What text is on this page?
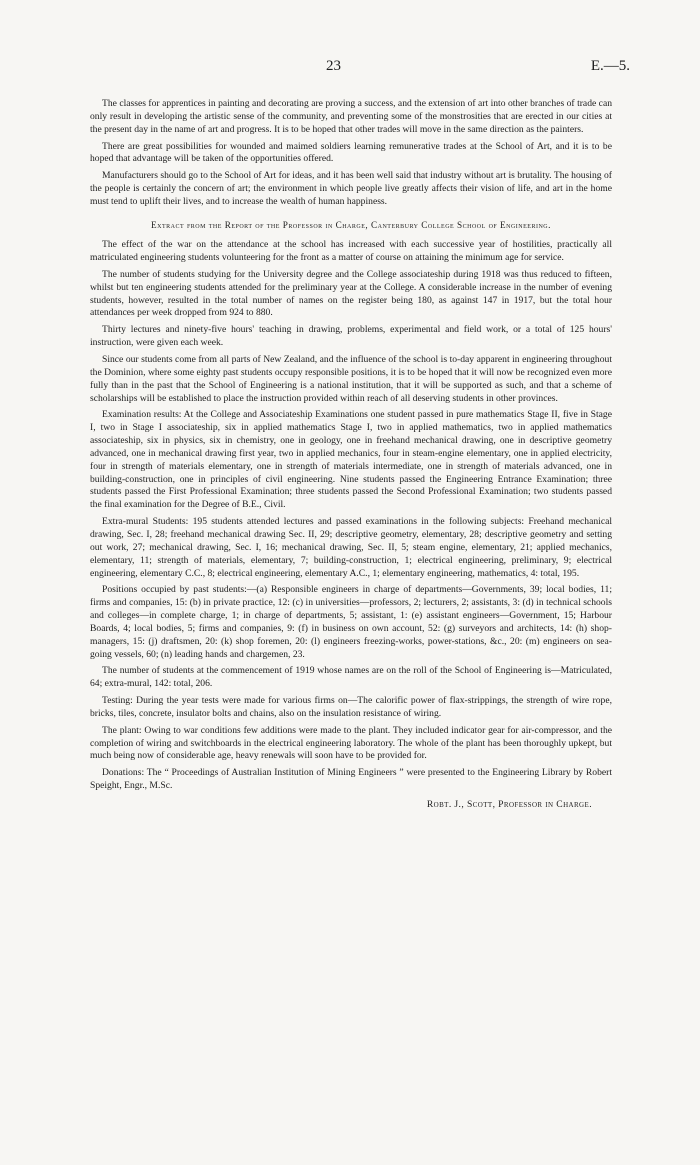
23	E.—5.

The classes for apprentices in painting and decorating are proving a success, and the extension of art into other branches of trade can only result in developing the artistic sense of the community, and preventing some of the monstrosities that are erected in our cities at the present day in the name of art and progress. It is to be hoped that other trades will move in the same direction as the painters.

There are great possibilities for wounded and maimed soldiers learning remunerative trades at the School of Art, and it is to be hoped that advantage will be taken of the opportunities offered.

Manufacturers should go to the School of Art for ideas, and it has been well said that industry without art is brutality. The housing of the people is certainly the concern of art; the environment in which people live greatly affects their vision of life, and art in the home must tend to uplift their lives, and to increase the wealth of human happiness.

Extract from the Report of the Professor in Charge, Canterbury College School of Engineering.

The effect of the war on the attendance at the school has increased with each successive year of hostilities, practically all matriculated engineering students volunteering for the front as a matter of course on attaining the minimum age for service.

The number of students studying for the University degree and the College associateship during 1918 was thus reduced to fifteen, whilst but ten engineering students attended for the preliminary year at the College. A considerable increase in the number of evening students, however, resulted in the total number of names on the register being 180, as against 147 in 1917, but the total hour attendances per week dropped from 924 to 880.

Thirty lectures and ninety-five hours' teaching in drawing, problems, experimental and field work, or a total of 125 hours' instruction, were given each week.

Since our students come from all parts of New Zealand, and the influence of the school is to-day apparent in engineering throughout the Dominion, where some eighty past students occupy responsible positions, it is to be hoped that it will now be recognized even more fully than in the past that the School of Engineering is a national institution, that it will be supported as such, and that a scheme of scholarships will be established to place the instruction provided within reach of all deserving students in other provinces.

Examination results: At the College and Associateship Examinations one student passed in pure mathematics Stage II, five in Stage I, two in Stage I associateship, six in applied mathematics Stage I, two in applied mathematics, two in applied mathematics associateship, six in physics, six in chemistry, one in geology, one in freehand mechanical drawing, one in descriptive geometry advanced, one in mechanical drawing first year, two in applied mechanics, four in steam-engine elementary, one in applied electricity, four in strength of materials elementary, one in strength of materials intermediate, one in strength of materials advanced, one in building-construction, one in principles of civil engineering. Nine students passed the Engineering Entrance Examination; three students passed the First Professional Examination; three students passed the Second Professional Examination; two students passed the final examination for the Degree of B.E., Civil.

Extra-mural Students: 195 students attended lectures and passed examinations in the following subjects: Freehand mechanical drawing, Sec. I, 28; freehand mechanical drawing Sec. II, 29; descriptive geometry, elementary, 28; descriptive geometry and setting out work, 27; mechanical drawing, Sec. I, 16; mechanical drawing, Sec. II, 5; steam engine, elementary, 21; applied mechanics, elementary, 11; strength of materials, elementary, 7; building-construction, 1; electrical engineering, preliminary, 9; electrical engineering, elementary C.C., 8; electrical engineering, elementary A.C., 1; elementary engineering, mathematics, 4: total, 195.

Positions occupied by past students:—(a) Responsible engineers in charge of departments—Governments, 39; local bodies, 11; firms and companies, 15: (b) in private practice, 12: (c) in universities—professors, 2; lecturers, 2; assistants, 3: (d) in technical schools and colleges—in complete charge, 1; in charge of departments, 5; assistant, 1: (e) assistant engineers—Government, 15; Harbour Boards, 4; local bodies, 5; firms and companies, 9: (f) in business on own account, 52: (g) surveyors and architects, 14: (h) shop-managers, 15: (j) draftsmen, 20: (k) shop foremen, 20: (l) engineers freezing-works, power-stations, &c., 20: (m) engineers on sea-going vessels, 60; (n) leading hands and chargemen, 23.

The number of students at the commencement of 1919 whose names are on the roll of the School of Engineering is—Matriculated, 64; extra-mural, 142: total, 206.

Testing: During the year tests were made for various firms on—The calorific power of flax-strippings, the strength of wire rope, bricks, tiles, concrete, insulator bolts and chains, also on the insulation resistance of wiring.

The plant: Owing to war conditions few additions were made to the plant. They included indicator gear for air-compressor, and the completion of wiring and switchboards in the electrical engineering laboratory. The whole of the plant has been thoroughly upkept, but much being now of considerable age, heavy renewals will soon have to be provided for.

Donations: The “ Proceedings of Australian Institution of Mining Engineers ” were presented to the Engineering Library by Robert Speight, Engr., M.Sc.

Robt. J., Scott, Professor in Charge.
